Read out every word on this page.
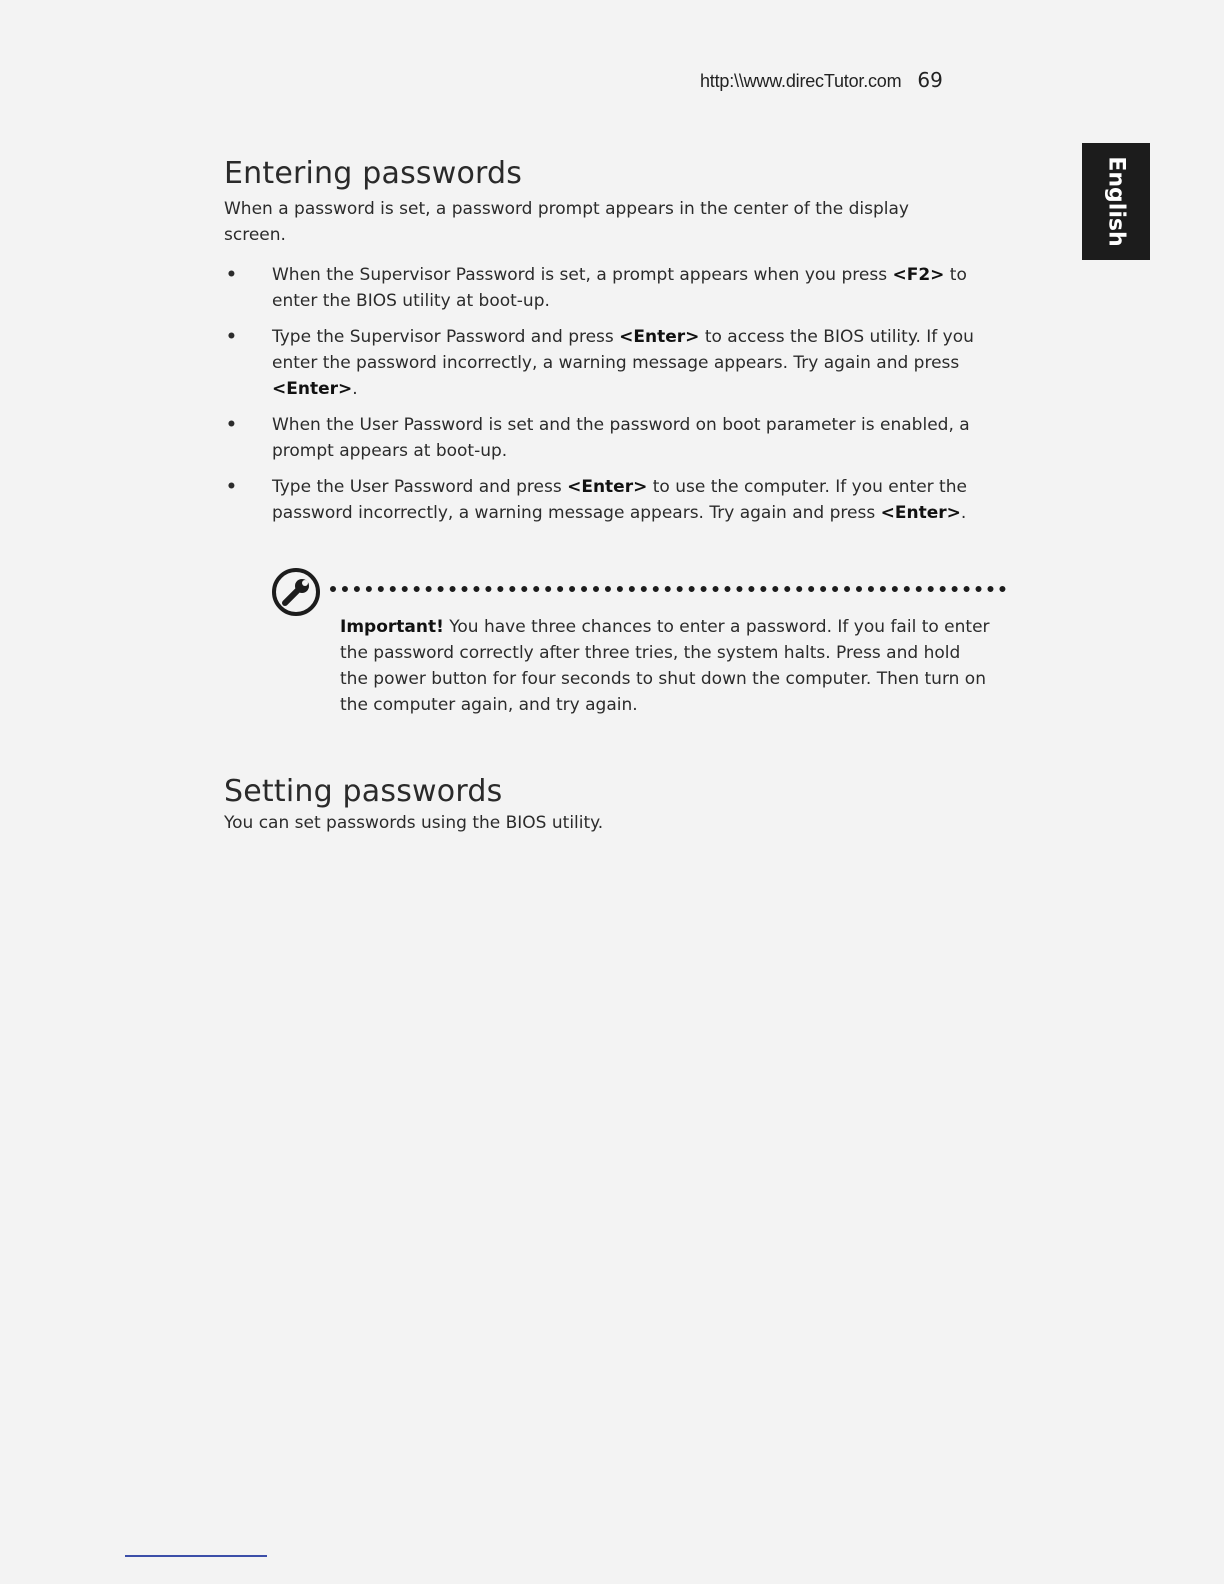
http:\\www.direcTutor.com 69
English
Entering passwords
When a password is set, a password prompt appears in the center of the display screen.
• When the Supervisor Password is set, a prompt appears when you press <F2> to enter the BIOS utility at boot-up.
• Type the Supervisor Password and press <Enter> to access the BIOS utility. If you enter the password incorrectly, a warning message appears. Try again and press <Enter>.
• When the User Password is set and the password on boot parameter is enabled, a prompt appears at boot-up.
• Type the User Password and press <Enter> to use the computer. If you enter the password incorrectly, a warning message appears. Try again and press <Enter>.
Important! You have three chances to enter a password. If you fail to enter the password correctly after three tries, the system halts. Press and hold the power button for four seconds to shut down the computer. Then turn on the computer again, and try again.
Setting passwords
You can set passwords using the BIOS utility.
